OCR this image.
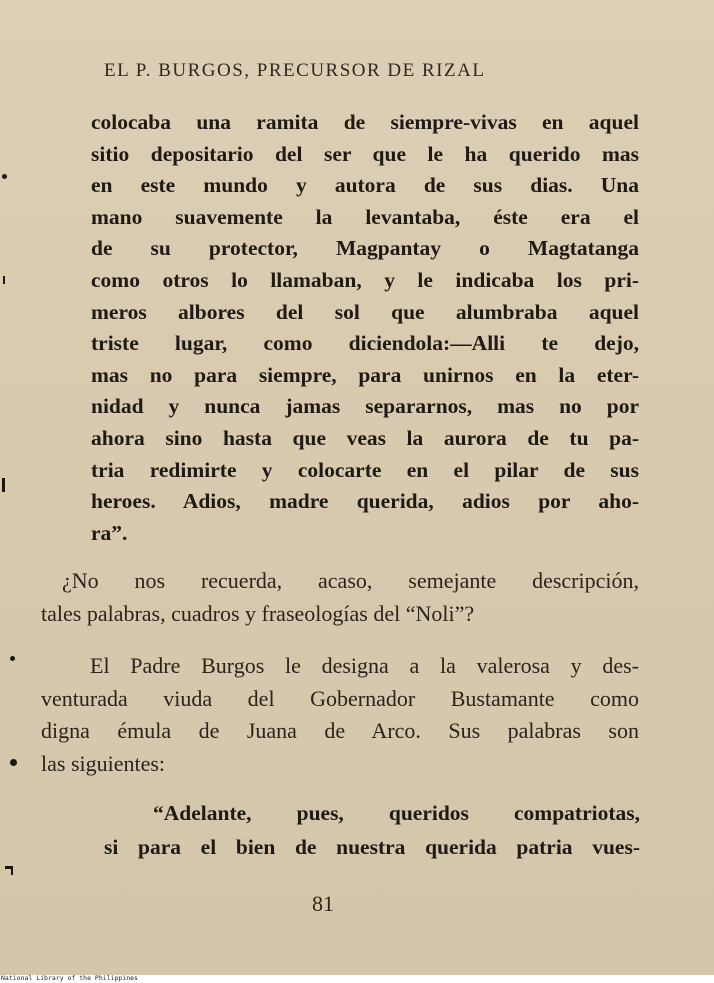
EL P. BURGOS, PRECURSOR DE RIZAL
colocaba una ramita de siempre-vivas en aquel
sitio depositario del ser que le ha querido mas
en este mundo y autora de sus dias. Una
mano suavemente la levantaba, éste era el
de su protector, Magpantay o Magtatanga
como otros lo llamaban, y le indicaba los pri-
meros albores del sol que alumbraba aquel
triste lugar, como diciendola:—Alli te dejo,
mas no para siempre, para unirnos en la eter-
nidad y nunca jamas separarnos, mas no por
ahora sino hasta que veas la aurora de tu pa-
tria redimirte y colocarte en el pilar de sus
heroes. Adios, madre querida, adios por aho-
ra”.
¿No nos recuerda, acaso, semejante descripción,
tales palabras, cuadros y fraseologías del “Noli”?
El Padre Burgos le designa a la valerosa y des-
venturada viuda del Gobernador Bustamante como
digna émula de Juana de Arco. Sus palabras son
las siguientes:
“Adelante, pues, queridos compatriotas,
si para el bien de nuestra querida patria vues-
81
National Library of the Philippines
